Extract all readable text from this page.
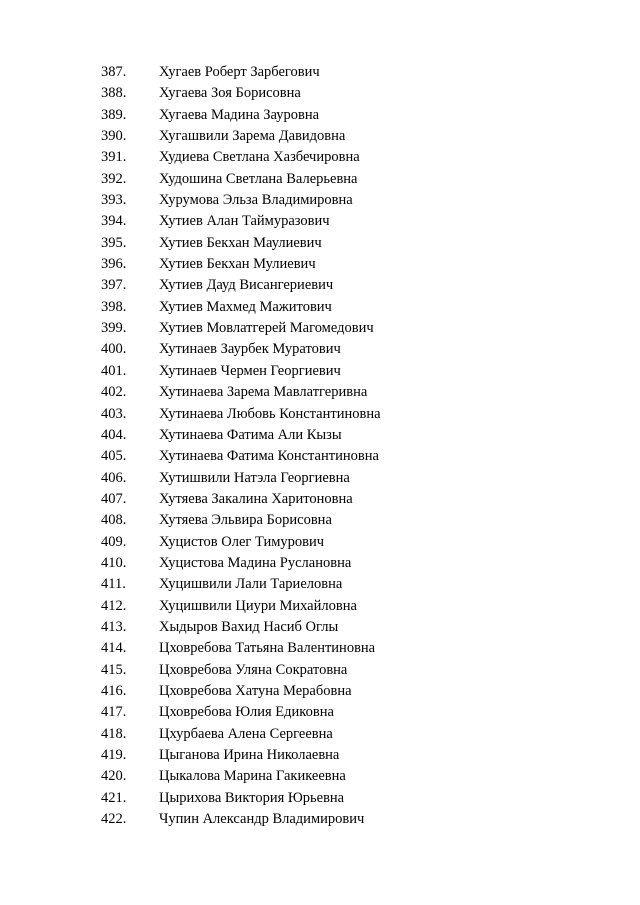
387.	Хугаев Роберт Зарбегович
388.	Хугаева Зоя Борисовна
389.	Хугаева Мадина Зауровна
390.	Хугашвили Зарема Давидовна
391.	Худиева Светлана Хазбечировна
392.	Худошина Светлана Валерьевна
393.	Хурумова Эльза Владимировна
394.	Хутиев Алан Таймуразович
395.	Хутиев Бекхан Маулиевич
396.	Хутиев Бекхан Мулиевич
397.	Хутиев Дауд Висангериевич
398.	Хутиев Махмед Мажитович
399.	Хутиев Мовлатгерей Магомедович
400.	Хутинаев Заурбек Муратович
401.	Хутинаев Чермен Георгиевич
402.	Хутинаева Зарема Мавлатгеривна
403.	Хутинаева Любовь Константиновна
404.	Хутинаева Фатима Али Кызы
405.	Хутинаева Фатима Константиновна
406.	Хутишвили Натэла Георгиевна
407.	Хутяева Закалина Харитоновна
408.	Хутяева Эльвира Борисовна
409.	Хуцистов Олег Тимурович
410.	Хуцистова Мадина Руслановна
411.	Хуцишвили Лали Тариеловна
412.	Хуцишвили Циури Михайловна
413.	Хыдыров Вахид Насиб Оглы
414.	Цховребова Татьяна Валентиновна
415.	Цховребова Уляна Сократовна
416.	Цховребова Хатуна Мерабовна
417.	Цховребова Юлия Едиковна
418.	Цхурбаева Алена Сергеевна
419.	Цыганова Ирина Николаевна
420.	Цыкалова Марина Гакикеевна
421.	Цырихова Виктория Юрьевна
422.	Чупин Александр Владимирович
